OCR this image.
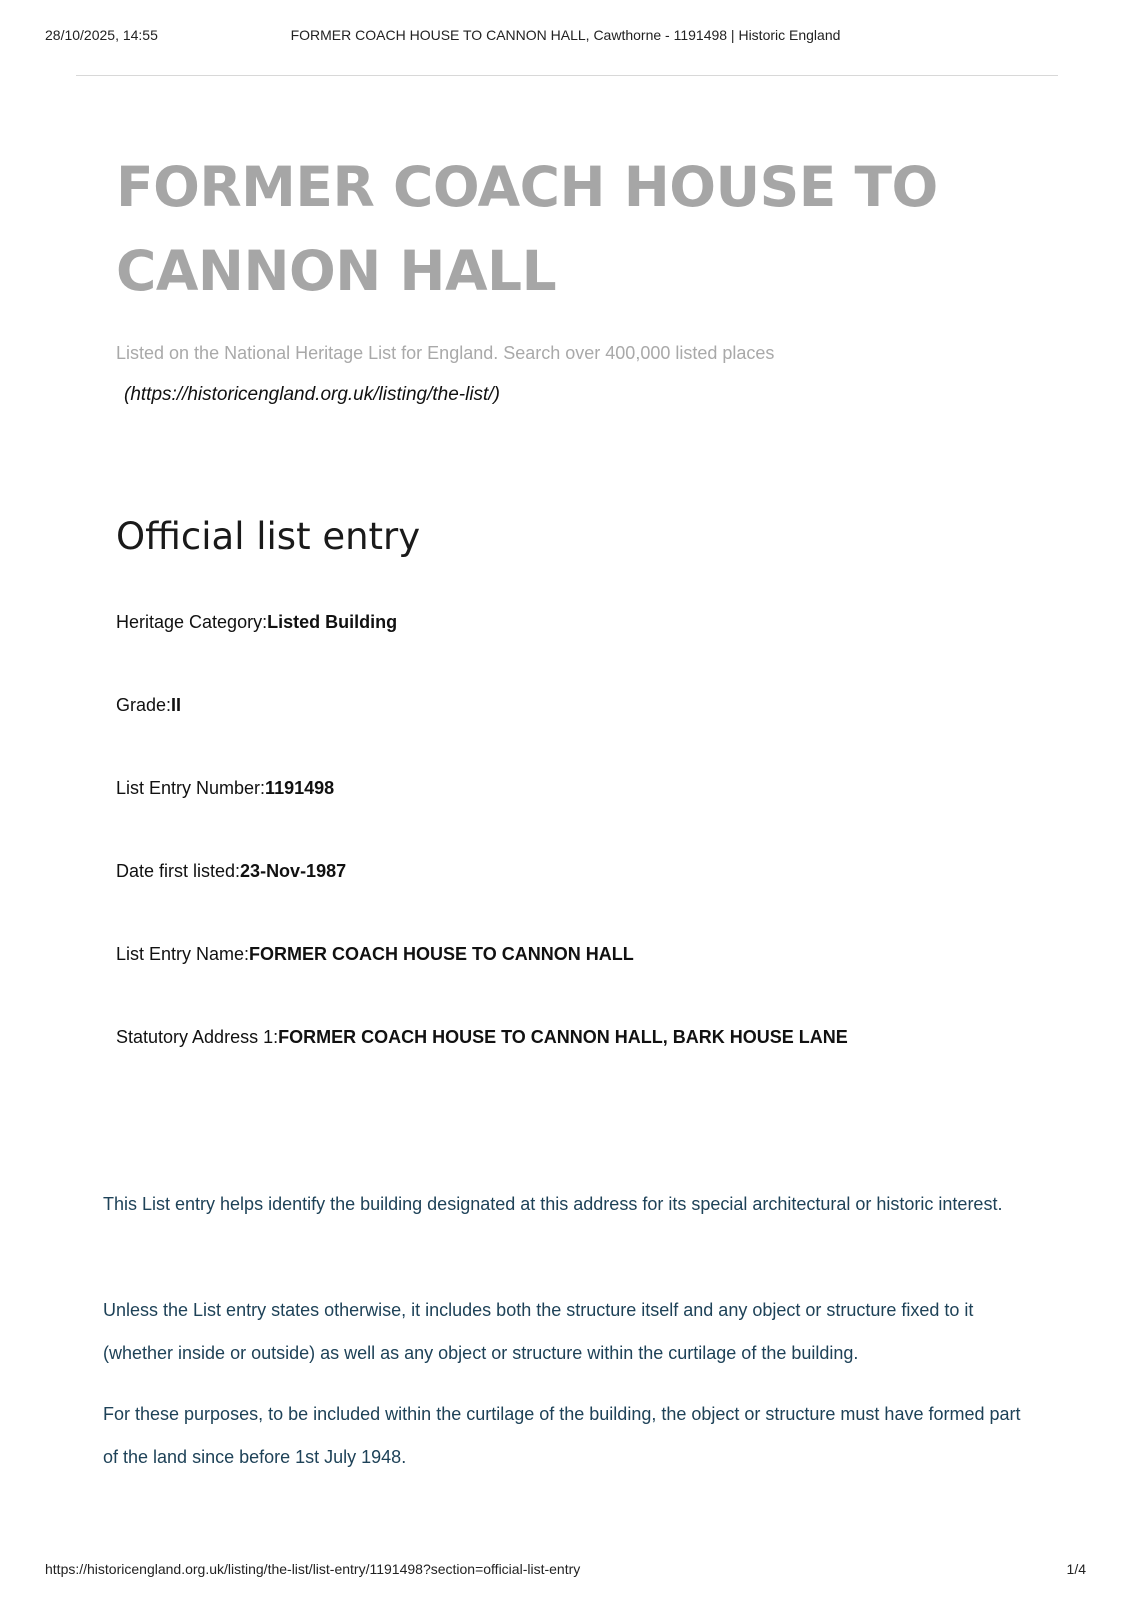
28/10/2025, 14:55	FORMER COACH HOUSE TO CANNON HALL, Cawthorne - 1191498 | Historic England
FORMER COACH HOUSE TO
CANNON HALL
Listed on the National Heritage List for England. Search over 400,000 listed places
(https://historicengland.org.uk/listing/the-list/)
Official list entry
Heritage Category:Listed Building
Grade:II
List Entry Number:1191498
Date first listed:23-Nov-1987
List Entry Name:FORMER COACH HOUSE TO CANNON HALL
Statutory Address 1:FORMER COACH HOUSE TO CANNON HALL, BARK HOUSE LANE

This List entry helps identify the building designated at this address for its special architectural or historic interest.

Unless the List entry states otherwise, it includes both the structure itself and any object or structure fixed to it (whether inside or outside) as well as any object or structure within the curtilage of the building.

For these purposes, to be included within the curtilage of the building, the object or structure must have formed part of the land since before 1st July 1948.

https://historicengland.org.uk/listing/the-list/list-entry/1191498?section=official-list-entry	1/4
